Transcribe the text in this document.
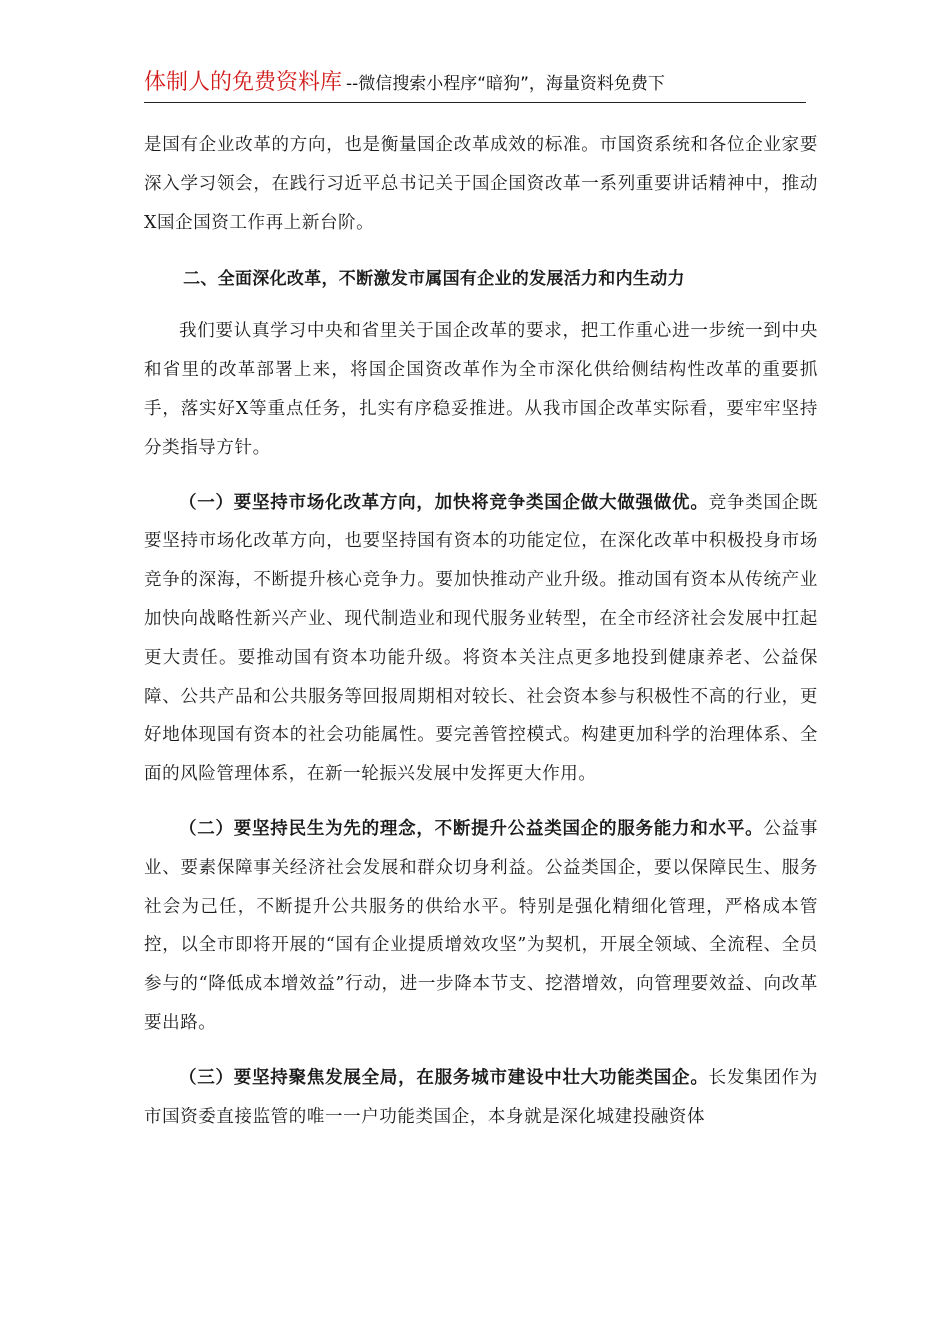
体制人的免费资料库 --微信搜索小程序“暗狗”，海量资料免费下

是国有企业改革的方向，也是衡量国企改革成效的标准。市国资系统和各位企业家要深入学习领会，在践行习近平总书记关于国企国资改革一系列重要讲话精神中，推动X国企国资工作再上新台阶。

二、全面深化改革，不断激发市属国有企业的发展活力和内生动力

我们要认真学习中央和省里关于国企改革的要求，把工作重心进一步统一到中央和省里的改革部署上来，将国企国资改革作为全市深化供给侧结构性改革的重要抓手，落实好X等重点任务，扎实有序稳妥推进。从我市国企改革实际看，要牢牢坚持分类指导方针。

（一）要坚持市场化改革方向，加快将竞争类国企做大做强做优。竞争类国企既要坚持市场化改革方向，也要坚持国有资本的功能定位，在深化改革中积极投身市场竞争的深海，不断提升核心竞争力。要加快推动产业升级。推动国有资本从传统产业加快向战略性新兴产业、现代制造业和现代服务业转型，在全市经济社会发展中扛起更大责任。要推动国有资本功能升级。将资本关注点更多地投到健康养老、公益保障、公共产品和公共服务等回报周期相对较长、社会资本参与积极性不高的行业，更好地体现国有资本的社会功能属性。要完善管控模式。构建更加科学的治理体系、全面的风险管理体系，在新一轮振兴发展中发挥更大作用。

（二）要坚持民生为先的理念，不断提升公益类国企的服务能力和水平。公益事业、要素保障事关经济社会发展和群众切身利益。公益类国企，要以保障民生、服务社会为己任，不断提升公共服务的供给水平。特别是强化精细化管理，严格成本管控，以全市即将开展的“国有企业提质增效攻坚”为契机，开展全领域、全流程、全员参与的“降低成本增效益”行动，进一步降本节支、挖潜增效，向管理要效益、向改革要出路。

（三）要坚持聚焦发展全局，在服务城市建设中壮大功能类国企。长发集团作为市国资委直接监管的唯一一户功能类国企，本身就是深化城建投融资体
